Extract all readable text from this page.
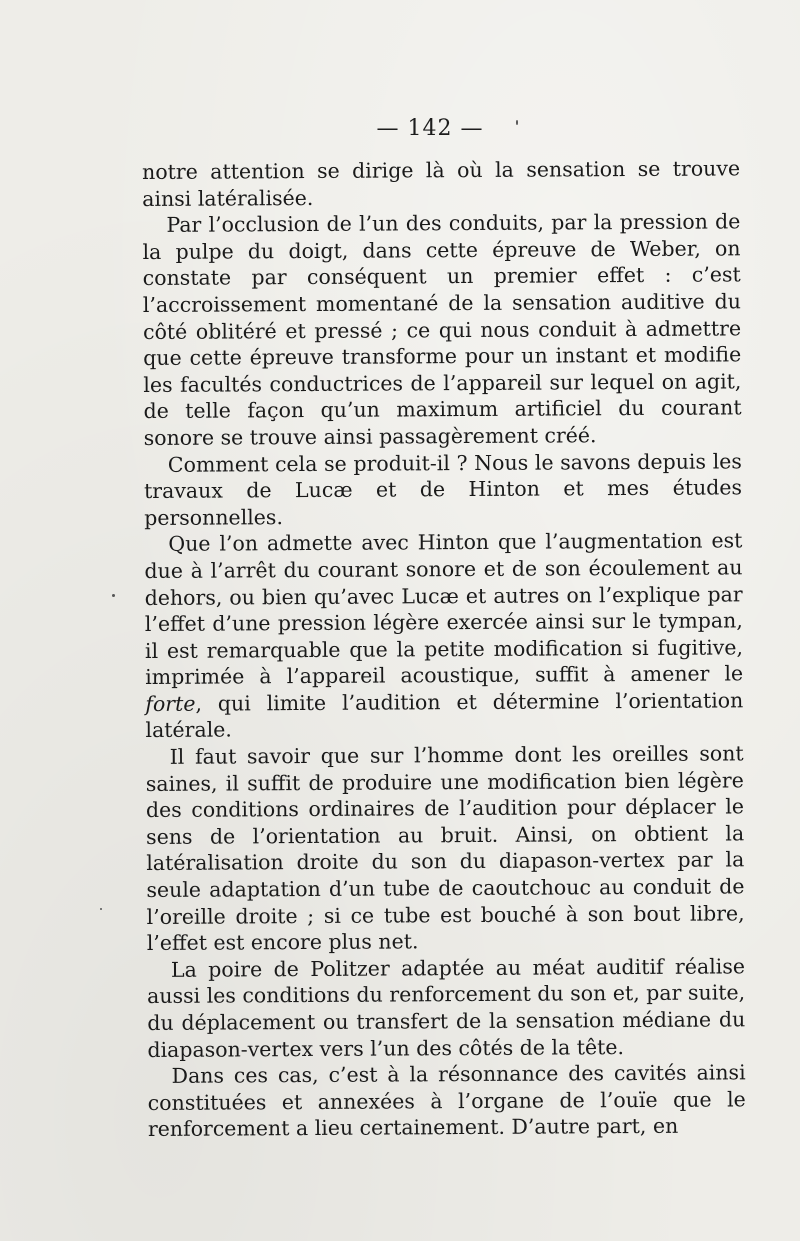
— 142 —

notre attention se dirige là où la sensation se trouve ainsi latéralisée.

Par l’occlusion de l’un des conduits, par la pression de la pulpe du doigt, dans cette épreuve de Weber, on constate par conséquent un premier effet : c’est l’accroissement momentané de la sensation auditive du côté oblitéré et pressé ; ce qui nous conduit à admettre que cette épreuve transforme pour un instant et modifie les facultés conductrices de l’appareil sur lequel on agit, de telle façon qu’un maximum artificiel du courant sonore se trouve ainsi passagèrement créé.

Comment cela se produit-il ? Nous le savons depuis les travaux de Lucæ et de Hinton et mes études personnelles.

Que l’on admette avec Hinton que l’augmentation est due à l’arrêt du courant sonore et de son écoulement au dehors, ou bien qu’avec Lucæ et autres on l’explique par l’effet d’une pression légère exercée ainsi sur le tympan, il est remarquable que la petite modification si fugitive, imprimée à l’appareil acoustique, suffit à amener le forte, qui limite l’audition et détermine l’orientation latérale.

Il faut savoir que sur l’homme dont les oreilles sont saines, il suffit de produire une modification bien légère des conditions ordinaires de l’audition pour déplacer le sens de l’orientation au bruit. Ainsi, on obtient la latéralisation droite du son du diapason-vertex par la seule adaptation d’un tube de caoutchouc au conduit de l’oreille droite ; si ce tube est bouché à son bout libre, l’effet est encore plus net.

La poire de Politzer adaptée au méat auditif réalise aussi les conditions du renforcement du son et, par suite, du déplacement ou transfert de la sensation médiane du diapason-vertex vers l’un des côtés de la tête.

Dans ces cas, c’est à la résonnance des cavités ainsi constituées et annexées à l’organe de l’ouïe que le renforcement a lieu certainement. D’autre part, en
